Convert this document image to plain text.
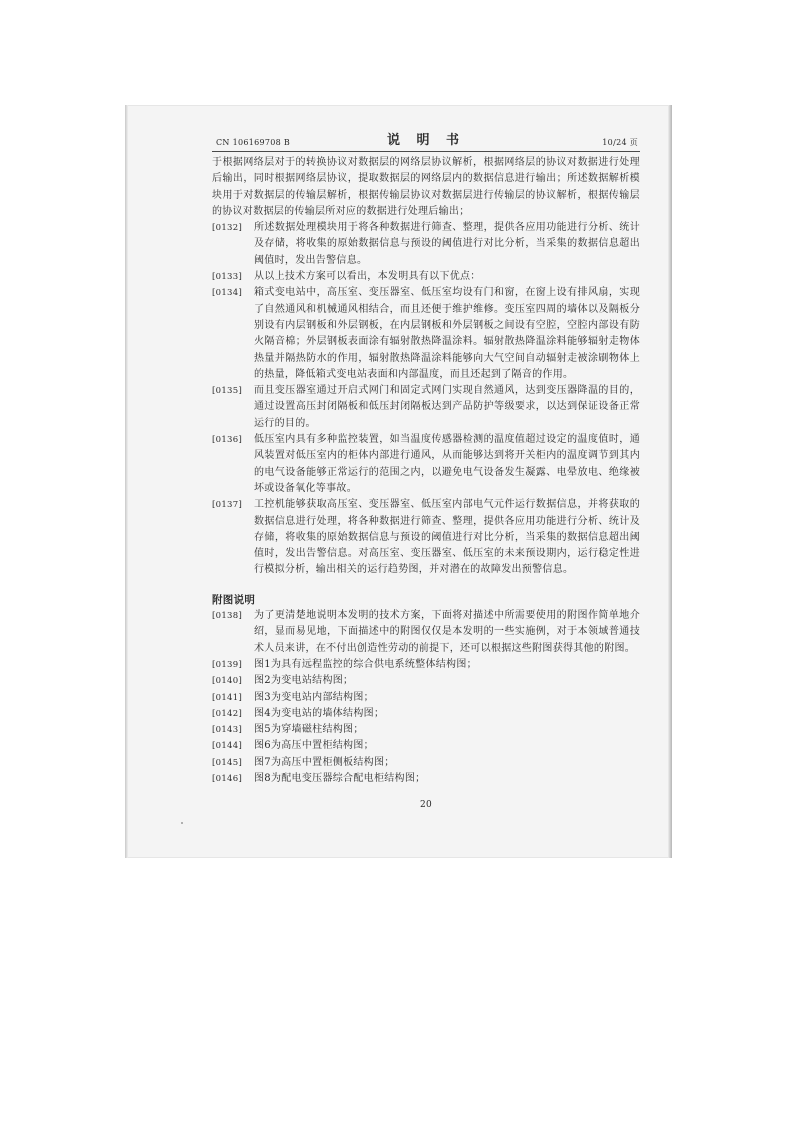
CN 106169708 B	说 明 书	10/24 页

于根据网络层对于的转换协议对数据层的网络层协议解析，根据网络层的协议对数据进行处理后输出，同时根据网络层协议，提取数据层的网络层内的数据信息进行输出；所述数据解析模块用于对数据层的传输层解析，根据传输层协议对数据层进行传输层的协议解析，根据传输层的协议对数据层的传输层所对应的数据进行处理后输出；

[0132]	所述数据处理模块用于将各种数据进行筛查、整理，提供各应用功能进行分析、统计及存储，将收集的原始数据信息与预设的阈值进行对比分析，当采集的数据信息超出阈值时，发出告警信息。
[0133]	从以上技术方案可以看出，本发明具有以下优点：
[0134]	箱式变电站中，高压室、变压器室、低压室均设有门和窗，在窗上设有排风扇，实现了自然通风和机械通风相结合，而且还便于维护维修。变压室四周的墙体以及隔板分别设有内层钢板和外层钢板，在内层钢板和外层钢板之间设有空腔，空腔内部设有防火隔音棉；外层钢板表面涂有辐射散热降温涂料。辐射散热降温涂料能够辐射走物体热量并隔热防水的作用，辐射散热降温涂料能够向大气空间自动辐射走被涂刷物体上的热量，降低箱式变电站表面和内部温度，而且还起到了隔音的作用。
[0135]	而且变压器室通过开启式网门和固定式网门实现自然通风，达到变压器降温的目的，通过设置高压封闭隔板和低压封闭隔板达到产品防护等级要求，以达到保证设备正常运行的目的。
[0136]	低压室内具有多种监控装置，如当温度传感器检测的温度值超过设定的温度值时，通风装置对低压室内的柜体内部进行通风，从而能够达到将开关柜内的温度调节到其内的电气设备能够正常运行的范围之内，以避免电气设备发生凝露、电晕放电、绝缘被坏或设备氧化等事故。
[0137]	工控机能够获取高压室、变压器室、低压室内部电气元件运行数据信息，并将获取的数据信息进行处理，将各种数据进行筛查、整理，提供各应用功能进行分析、统计及存储，将收集的原始数据信息与预设的阈值进行对比分析，当采集的数据信息超出阈值时，发出告警信息。对高压室、变压器室、低压室的未来预设期内，运行稳定性进行模拟分析，输出相关的运行趋势图，并对潜在的故障发出预警信息。
附图说明
[0138]	为了更清楚地说明本发明的技术方案，下面将对描述中所需要使用的附图作简单地介绍，显而易见地，下面描述中的附图仅仅是本发明的一些实施例，对于本领域普通技术人员来讲，在不付出创造性劳动的前提下，还可以根据这些附图获得其他的附图。
[0139]	图1为具有远程监控的综合供电系统整体结构图；
[0140]	图2为变电站结构图；
[0141]	图3为变电站内部结构图；
[0142]	图4为变电站的墙体结构图；
[0143]	图5为穿墙磁柱结构图；
[0144]	图6为高压中置柜结构图；
[0145]	图7为高压中置柜侧板结构图；
[0146]	图8为配电变压器综合配电柜结构图；
20
